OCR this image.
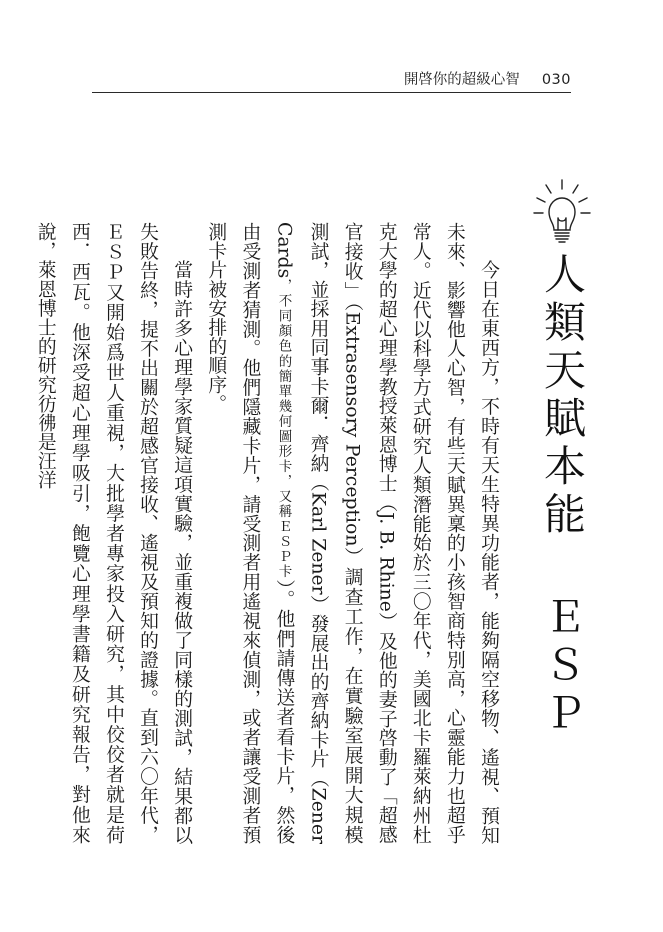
開啓你的超級心智 030
人類天賦本能 ＥＳＰ

今日在東西方，不時有天生特異功能者，能夠隔空移物、遙視、預知未來、影響他人心智，有些天賦異稟的小孩智商特別高，心靈能力也超乎常人。近代以科學方式研究人類潛能始於三〇年代，美國北卡羅萊納州杜克大學的超心理學教授萊恩博士（J. B. Rhine）及他的妻子啓動了「超感官接收」（Extrasensory Perception）調查工作，在實驗室展開大規模測試，並採用同事卡爾．齊納（Karl Zener）發展出的齊納卡片（Zener Cards，不同顏色的簡單幾何圖形卡，又稱ＥＳＰ卡）。他們請傳送者看卡片，然後由受測者猜測。他們隱藏卡片，請受測者用遙視來偵測，或者讓受測者預測卡片被安排的順序。

當時許多心理學家質疑這項實驗，並重複做了同樣的測試，結果都以失敗告終，提不出關於超感官接收、遙視及預知的證據。直到六〇年代，ＥＳＰ又開始爲世人重視，大批學者專家投入研究，其中佼佼者就是荷西．西瓦。他深受超心理學吸引，飽覽心理學書籍及研究報告，對他來說，萊恩博士的研究彷彿是汪洋
